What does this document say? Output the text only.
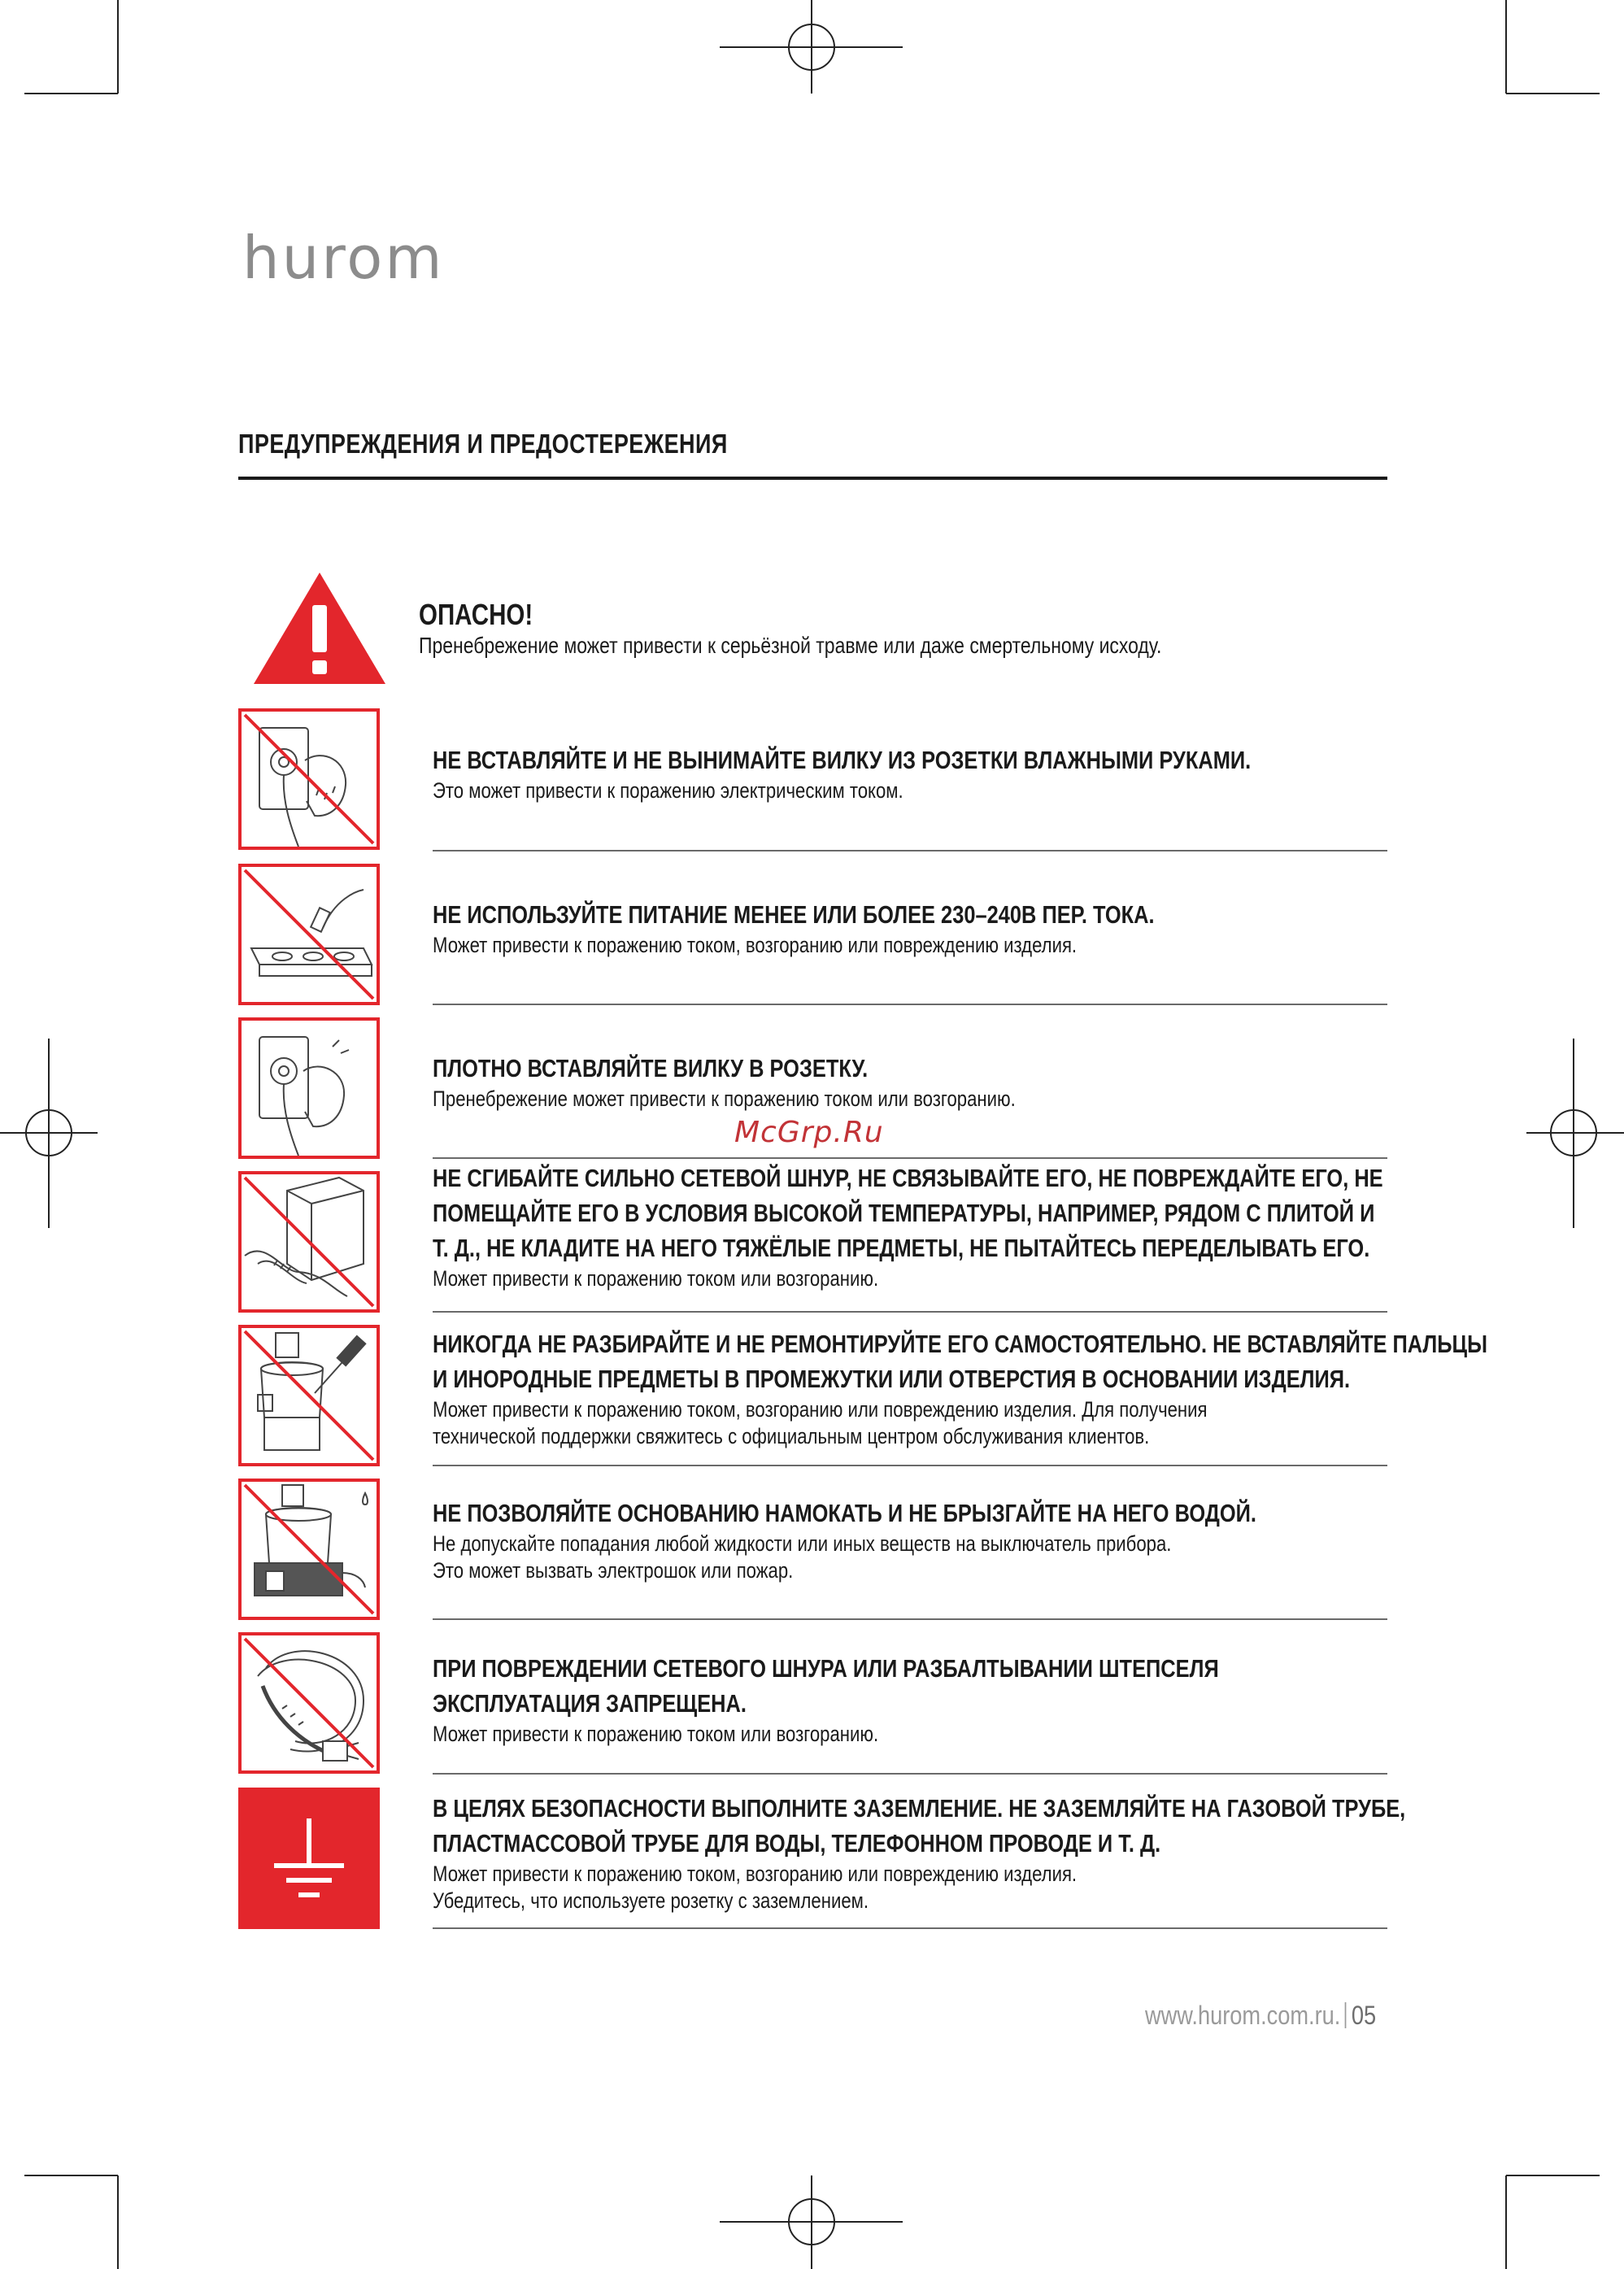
hurom
ПРЕДУПРЕЖДЕНИЯ И ПРЕДОСТЕРЕЖЕНИЯ
ОПАСНО!
Пренебрежение может привести к серьёзной травме или даже смертельному исходу.
НЕ ВСТАВЛЯЙТЕ И НЕ ВЫНИМАЙТЕ ВИЛКУ ИЗ РОЗЕТКИ ВЛАЖНЫМИ РУКАМИ.
Это может привести к поражению электрическим током.
НЕ ИСПОЛЬЗУЙТЕ ПИТАНИЕ МЕНЕЕ ИЛИ БОЛЕЕ 230–240В ПЕР. ТОКА.
Может привести к поражению током, возгоранию или повреждению изделия.
ПЛОТНО ВСТАВЛЯЙТЕ ВИЛКУ В РОЗЕТКУ.
Пренебрежение может привести к поражению током или возгоранию.
McGrp.Ru
НЕ СГИБАЙТЕ СИЛЬНО СЕТЕВОЙ ШНУР, НЕ СВЯЗЫВАЙТЕ ЕГО, НЕ ПОВРЕЖДАЙТЕ ЕГО, НЕ
ПОМЕЩАЙТЕ ЕГО В УСЛОВИЯ ВЫСОКОЙ ТЕМПЕРАТУРЫ, НАПРИМЕР, РЯДОМ С ПЛИТОЙ И
Т. Д., НЕ КЛАДИТЕ НА НЕГО ТЯЖЁЛЫЕ ПРЕДМЕТЫ, НЕ ПЫТАЙТЕСЬ ПЕРЕДЕЛЫВАТЬ ЕГО.
Может привести к поражению током или возгоранию.
НИКОГДА НЕ РАЗБИРАЙТЕ И НЕ РЕМОНТИРУЙТЕ ЕГО САМОСТОЯТЕЛЬНО. НЕ ВСТАВЛЯЙТЕ ПАЛЬЦЫ
И ИНОРОДНЫЕ ПРЕДМЕТЫ В ПРОМЕЖУТКИ ИЛИ ОТВЕРСТИЯ В ОСНОВАНИИ ИЗДЕЛИЯ.
Может привести к поражению током, возгоранию или повреждению изделия. Для получения
технической поддержки свяжитесь с официальным центром обслуживания клиентов.
НЕ ПОЗВОЛЯЙТЕ ОСНОВАНИЮ НАМОКАТЬ И НЕ БРЫЗГАЙТЕ НА НЕГО ВОДОЙ.
Не допускайте попадания любой жидкости или иных веществ на выключатель прибора.
Это может вызвать электрошок или пожар.
ПРИ ПОВРЕЖДЕНИИ СЕТЕВОГО ШНУРА ИЛИ РАЗБАЛТЫВАНИИ ШТЕПСЕЛЯ
ЭКСПЛУАТАЦИЯ ЗАПРЕЩЕНА.
Может привести к поражению током или возгоранию.
В ЦЕЛЯХ БЕЗОПАСНОСТИ ВЫПОЛНИТЕ ЗАЗЕМЛЕНИЕ. НЕ ЗАЗЕМЛЯЙТЕ НА ГАЗОВОЙ ТРУБЕ,
ПЛАСТМАССОВОЙ ТРУБЕ ДЛЯ ВОДЫ, ТЕЛЕФОННОМ ПРОВОДЕ И Т. Д.
Может привести к поражению током, возгоранию или повреждению изделия.
Убедитесь, что используете розетку с заземлением.
www.hurom.com.ru. 05
